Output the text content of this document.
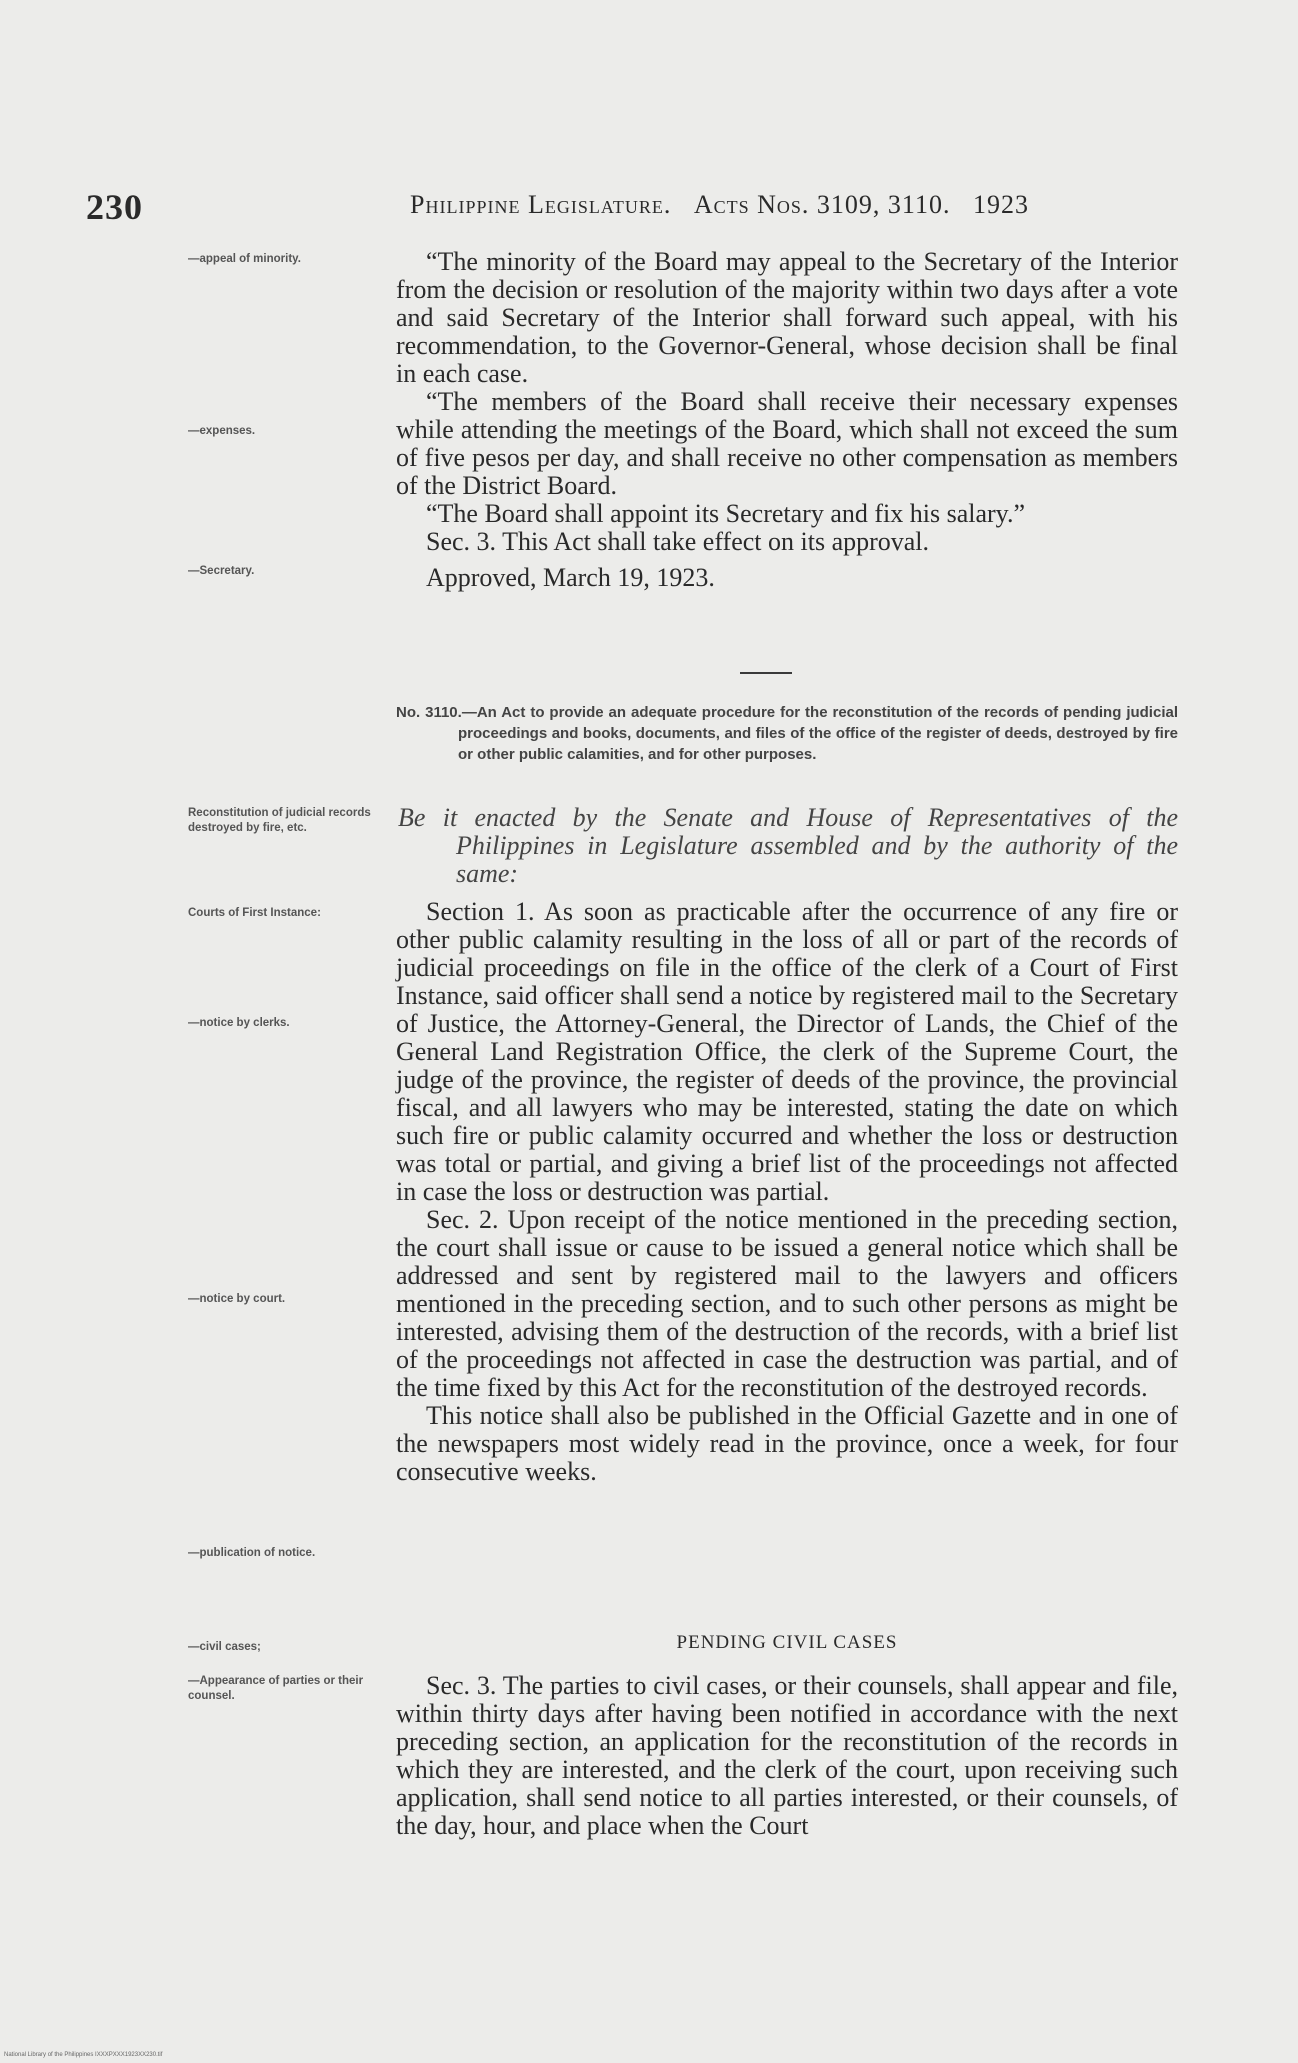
230	Philippine Legislature. Acts Nos. 3109, 3110. 1923
—appeal of minority.
—expenses.
—Secretary.
Reconstitution of judicial records destroyed by fire, etc.
Courts of First Instance:
—notice by clerks.
—notice by court.
—publication of notice.
—civil cases;
—Appearance of parties or their counsel.

“The minority of the Board may appeal to the Secretary of the Interior from the decision or resolution of the majority within two days after a vote and said Secretary of the Interior shall forward such appeal, with his recommendation, to the Governor-General, whose decision shall be final in each case.

“The members of the Board shall receive their necessary expenses while attending the meetings of the Board, which shall not exceed the sum of five pesos per day, and shall receive no other compensation as members of the District Board.

“The Board shall appoint its Secretary and fix his salary.”

Sec. 3. This Act shall take effect on its approval.

Approved, March 19, 1923.

No. 3110.—An Act to provide an adequate procedure for the reconstitution of the records of pending judicial proceedings and books, documents, and files of the office of the register of deeds, destroyed by fire or other public calamities, and for other purposes.
Be it enacted by the Senate and House of Representatives of the Philippines in Legislature assembled and by the authority of the same:

Section 1. As soon as practicable after the occurrence of any fire or other public calamity resulting in the loss of all or part of the records of judicial proceedings on file in the office of the clerk of a Court of First Instance, said officer shall send a notice by registered mail to the Secretary of Justice, the Attorney-General, the Director of Lands, the Chief of the General Land Registration Office, the clerk of the Supreme Court, the judge of the province, the register of deeds of the province, the provincial fiscal, and all lawyers who may be interested, stating the date on which such fire or public calamity occurred and whether the loss or destruction was total or partial, and giving a brief list of the proceedings not affected in case the loss or destruction was partial.

Sec. 2. Upon receipt of the notice mentioned in the preceding section, the court shall issue or cause to be issued a general notice which shall be addressed and sent by registered mail to the lawyers and officers mentioned in the preceding section, and to such other persons as might be interested, advising them of the destruction of the records, with a brief list of the proceedings not affected in case the destruction was partial, and of the time fixed by this Act for the reconstitution of the destroyed records.

This notice shall also be published in the Official Gazette and in one of the newspapers most widely read in the province, once a week, for four consecutive weeks.

PENDING CIVIL CASES

Sec. 3. The parties to civil cases, or their counsels, shall appear and file, within thirty days after having been notified in accordance with the next preceding section, an application for the reconstitution of the records in which they are interested, and the clerk of the court, upon receiving such application, shall send notice to all parties interested, or their counsels, of the day, hour, and place when the Court

National Library of the Philippines IXXXPXXX1923XX230.tif
